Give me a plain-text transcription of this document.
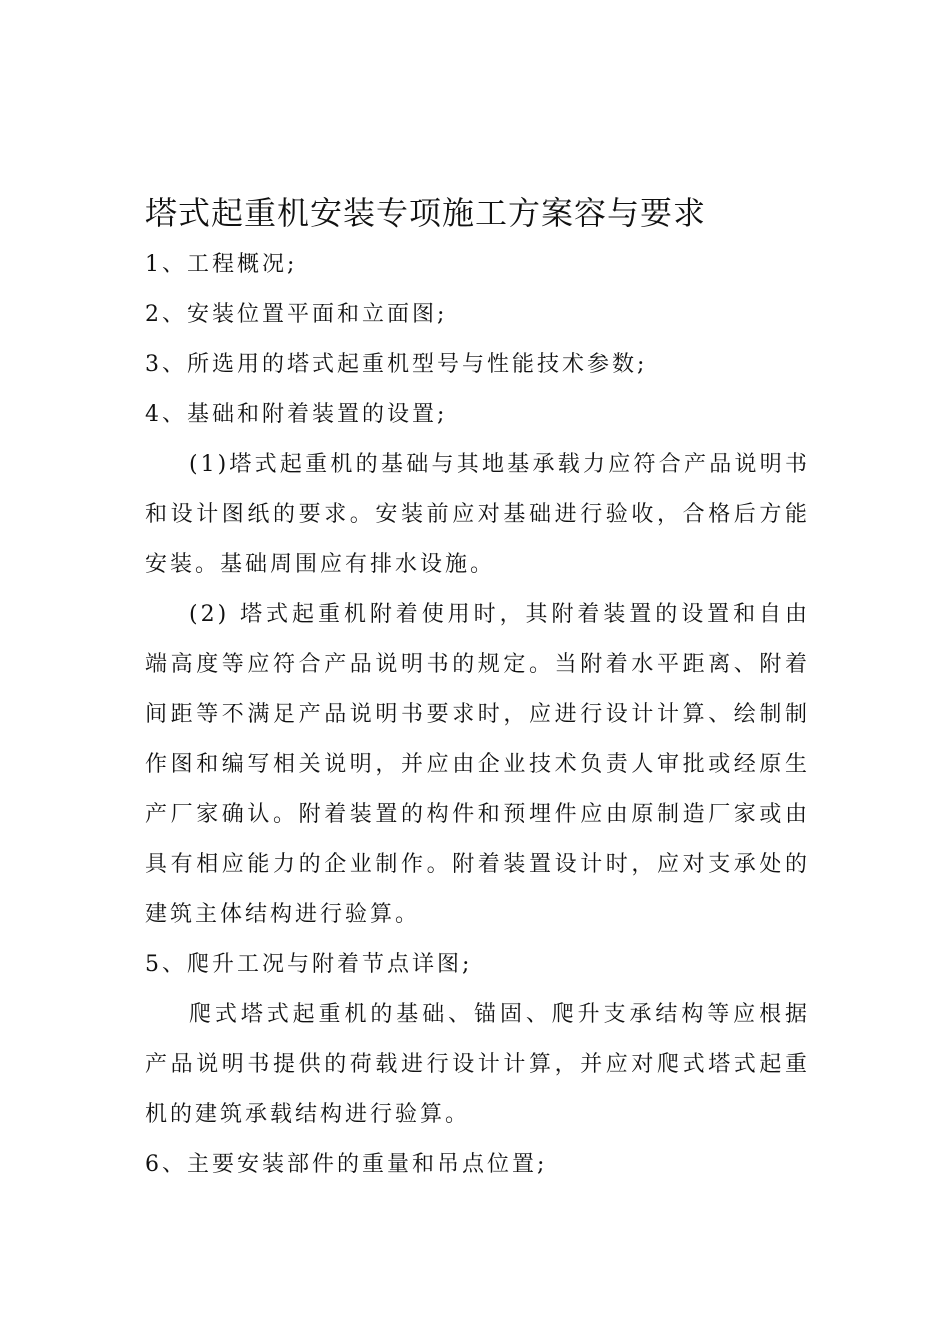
塔式起重机安装专项施工方案容与要求

1、工程概况;

2、安装位置平面和立面图;

3、所选用的塔式起重机型号与性能技术参数;

4、基础和附着装置的设置;

(1)塔式起重机的基础与其地基承载力应符合产品说明书和设计图纸的要求。安装前应对基础进行验收，合格后方能安装。基础周围应有排水设施。

(2) 塔式起重机附着使用时，其附着装置的设置和自由端高度等应符合产品说明书的规定。当附着水平距离、附着间距等不满足产品说明书要求时，应进行设计计算、绘制制作图和编写相关说明，并应由企业技术负责人审批或经原生产厂家确认。附着装置的构件和预埋件应由原制造厂家或由具有相应能力的企业制作。附着装置设计时，应对支承处的建筑主体结构进行验算。

5、爬升工况与附着节点详图;

爬式塔式起重机的基础、锚固、爬升支承结构等应根据产品说明书提供的荷载进行设计计算，并应对爬式塔式起重机的建筑承载结构进行验算。

6、主要安装部件的重量和吊点位置;
